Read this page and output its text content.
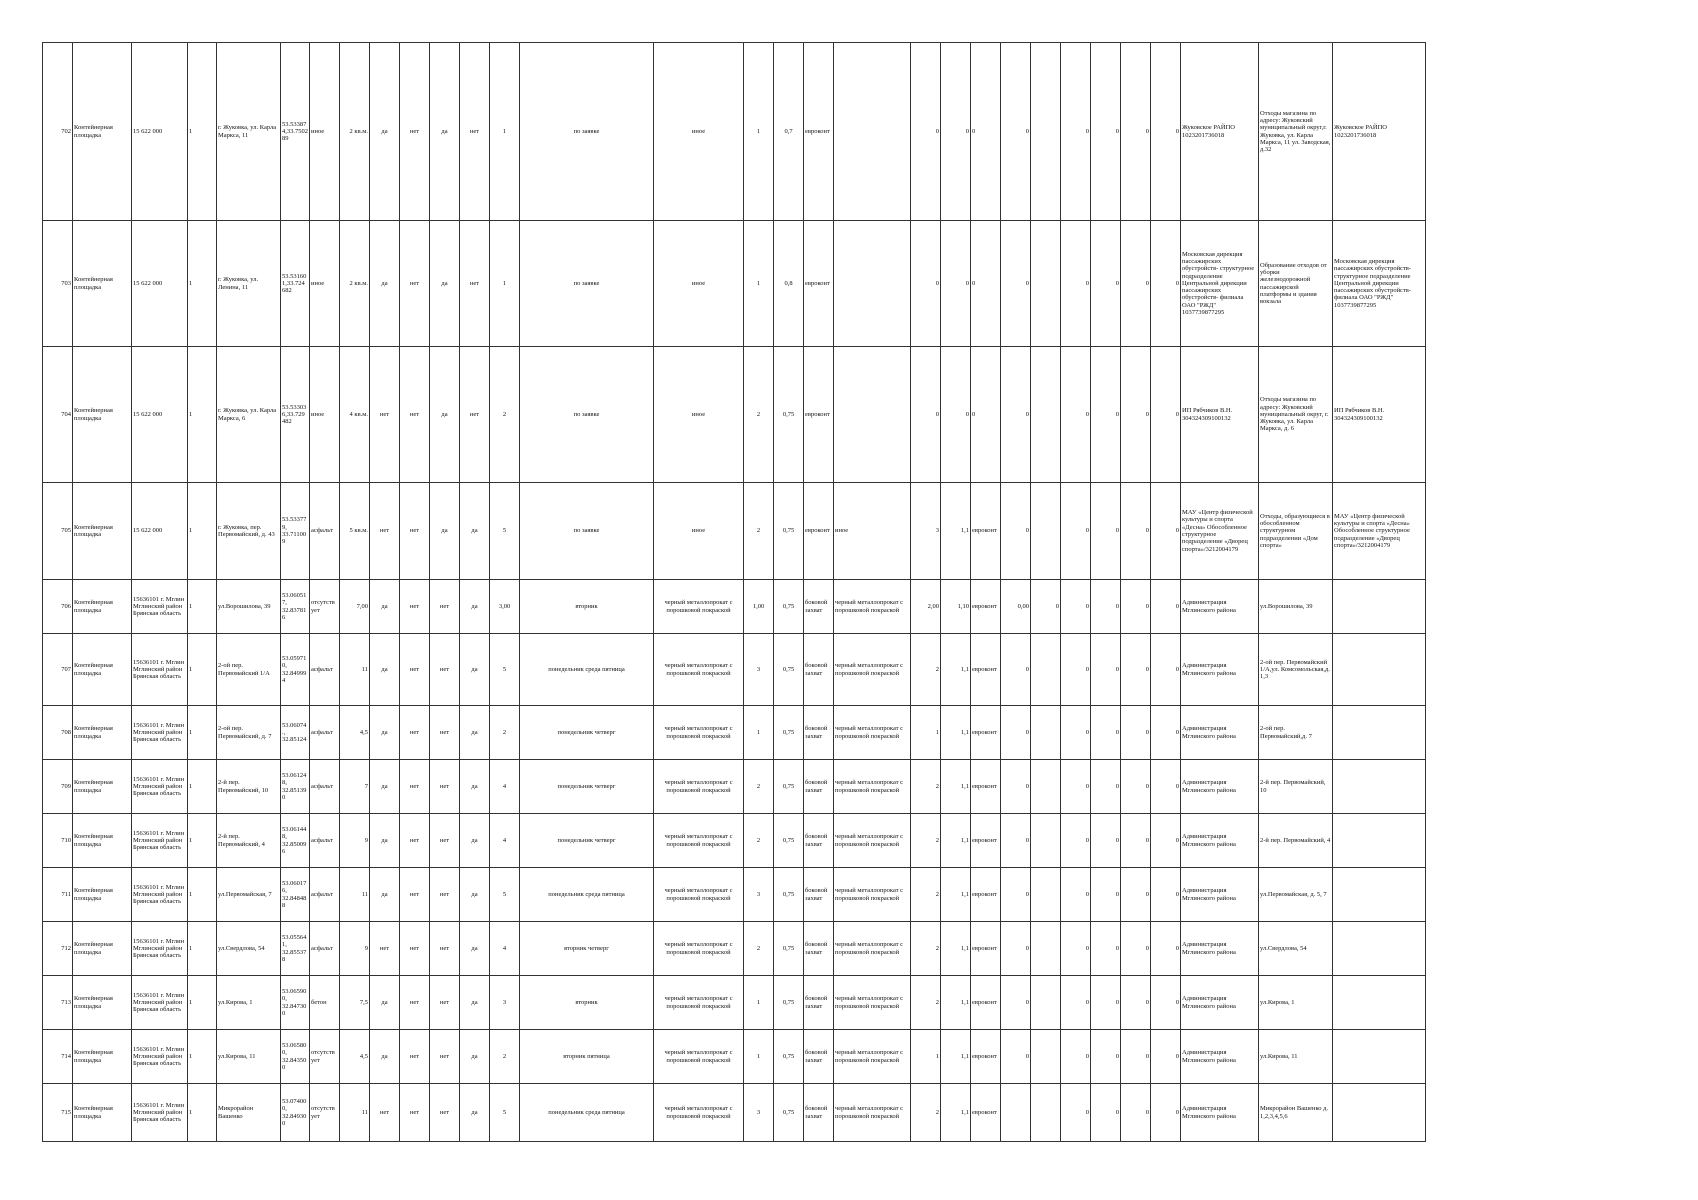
702	Контейнерная площадка	15 622 000	1	г. Жуковка, ул. Карла Маркса, 11	53.53387 4,33.7502 89	иное	2 кв.м.	да	нет	да	нет	1	по заявке	иное	1	0,7	евроконт		0	0	0	0		0	0	0	0	Жуковское РАЙПО 1023201736018	Отходы магазина по адресу: Жуковский муниципальный округ,г. Жуковка, ул. Карла Маркса, 11 ул. Заводская, д.32	Жуковское РАЙПО 1023201736018
703	Контейнерная площадка	15 622 000	1	г. Жуковка, ул. Ленина, 11	53.53160 1,33.724 682	иное	2 кв.м.	да	нет	да	нет	1	по заявке	иное	1	0,8	евроконт		0	0	0	0		0	0	0	0	Московская дирекция пассажирских обустройств- структурное подразделение Центральной дирекции пассажирских обустройств- филиала ОАО "РЖД" 1037739877295	Образование отходов от уборки железнодорожной пассажирской платформы и здания вокзала	Московская дирекция пассажирских обустройств- структурное подразделение Центральной дирекции пассажирских обустройств- филиала ОАО "РЖД" 1037739877295
704	Контейнерная площадка	15 622 000	1	г. Жуковка, ул. Карла Маркса, 6	53.53303 6,33.729 482	иное	4 кв.м.	нет	нет	да	нет	2	по заявке	иное	2	0,75	евроконт		0	0	0	0		0	0	0	0	ИП Рябчиков В.Н. 304324309100132	Отходы магазина по адресу: Жуковский муниципальный округ, г. Жуковка, ул. Карла Маркса, д. 6	ИП Рябчиков В.Н. 304324309100132
705	Контейнерная площадка	15 622 000	1	г. Жуковка, пер. Первомайский, д. 43	53.53377 9, 33.71100 9	асфальт	5 кв.м.	нет	нет	да	да	5	по заявке	иное	2	0,75	евроконт	иное	3	1,1	евроконт	0		0	0	0	0	МАУ «Центр физической культуры и спорта «Десна» Обособленное структурное подразделение «Дворец спорта»/3212004179	Отходы, образующиеся в обособленном структурном подразделении «Дом спорта»	МАУ «Центр физической культуры и спорта «Десна» Обособленное структурное подразделение «Дворец спорта»/3212004179
706	Контейнерная площадка	15636101 г. Мглин Мглинский район Брянская область	1	ул.Ворошилова, 39	53.06051 7, 32.83781 6	отсутств ует	7,00	да	нет	нет	да	3,00	вторник	черный металлопрокат с порошковой покраской	1,00	0,75	боковой захват	черный металлопрокат с порошковой покраской	2,00	1,10	евроконт	0,00	0	0	0	0	0	Администрация Мглинского района	ул.Ворошилова, 39	
707	Контейнерная площадка	15636101 г. Мглин Мглинский район Брянская область	1	2-ой пер. Первомайский 1/А	53.05971 0, 32.84999 4	асфальт	11	да	нет	нет	да	5	понедельник среда пятница	черный металлопрокат с порошковой покраской	3	0,75	боковой захват	черный металлопрокат с порошковой покраской	2	1,1	евроконт	0		0	0	0	0	Администрация Мглинского района	2-ой пер. Первомайский 1/А,ул. Комсомольская,д. 1,3	
708	Контейнерная площадка	15636101 г. Мглин Мглинский район Брянская область	1	2-ой пер. Первомайский, д. 7	53.06074 ., 32.85124	асфальт	4,5	да	нет	нет	да	2	понедельник четверг	черный металлопрокат с порошковой покраской	1	0,75	боковой захват	черный металлопрокат с порошковой покраской	1	1,1	евроконт	0		0	0	0	0	Администрация Мглинского района	2-ой пер. Первомайский,д. 7	
709	Контейнерная площадка	15636101 г. Мглин Мглинский район Брянская область	1	2-й пер. Первомайский, 10	53.06124 8, 32.85139 0	асфальт	7	да	нет	нет	да	4	понедельник четверг	черный металлопрокат с порошковой покраской	2	0,75	боковой захват	черный металлопрокат с порошковой покраской	2	1,1	евроконт	0		0	0	0	0	Администрация Мглинского района	2-й пер. Первомайский, 10	
710	Контейнерная площадка	15636101 г. Мглин Мглинский район Брянская область	1	2-й пер. Первомайский, 4	53.06144 8, 32.85009 6	асфальт	9	да	нет	нет	да	4	понедельник четверг	черный металлопрокат с порошковой покраской	2	0,75	боковой захват	черный металлопрокат с порошковой покраской	2	1,1	евроконт	0		0	0	0	0	Администрация Мглинского района	2-й пер. Первомайский, 4	
711	Контейнерная площадка	15636101 г. Мглин Мглинский район Брянская область	1	ул.Первомайская, 7	53.06017 6, 32.84848 8	асфальт	11	да	нет	нет	да	5	понедельник среда пятница	черный металлопрокат с порошковой покраской	3	0,75	боковой захват	черный металлопрокат с порошковой покраской	2	1,1	евроконт	0		0	0	0	0	Администрация Мглинского района	ул.Первомайская, д. 5, 7	
712	Контейнерная площадка	15636101 г. Мглин Мглинский район Брянская область	1	ул.Свердлова, 54	53.05564 1, 32.85537 8	асфальт	9	нет	нет	нет	да	4	вторник четверг	черный металлопрокат с порошковой покраской	2	0,75	боковой захват	черный металлопрокат с порошковой покраской	2	1,1	евроконт	0		0	0	0	0	Администрация Мглинского района	ул.Свердлова, 54	
713	Контейнерная площадка	15636101 г. Мглин Мглинский район Брянская область	1	ул.Кирова, 1	53.06590 0, 32.84730 0	бетон	7,5	да	нет	нет	да	3	вторник	черный металлопрокат с порошковой покраской	1	0,75	боковой захват	черный металлопрокат с порошковой покраской	2	1,1	евроконт	0		0	0	0	0	Администрация Мглинского района	ул.Кирова, 1	
714	Контейнерная площадка	15636101 г. Мглин Мглинский район Брянская область	1	ул.Кирова, 11	53.06580 0, 32.84350 0	отсутств ует	4,5	да	нет	нет	да	2	вторник пятница	черный металлопрокат с порошковой покраской	1	0,75	боковой захват	черный металлопрокат с порошковой покраской	1	1,1	евроконт	0		0	0	0	0	Администрация Мглинского района	ул.Кирова, 11	
715	Контейнерная площадка	15636101 г. Мглин Мглинский район Брянская область	1	Микрорайон Вашенко	53.07400 0, 32.84930 0	отсутств ует	11	нет	нет	нет	да	5	понедельник среда пятница	черный металлопрокат с порошковой покраской	3	0,75	боковой захват	черный металлопрокат с порошковой покраской	2	1,1	евроконт			0	0	0	0	Администрация Мглинского района	Микрорайон Вашенко д. 1,2,3,4,5,6	
